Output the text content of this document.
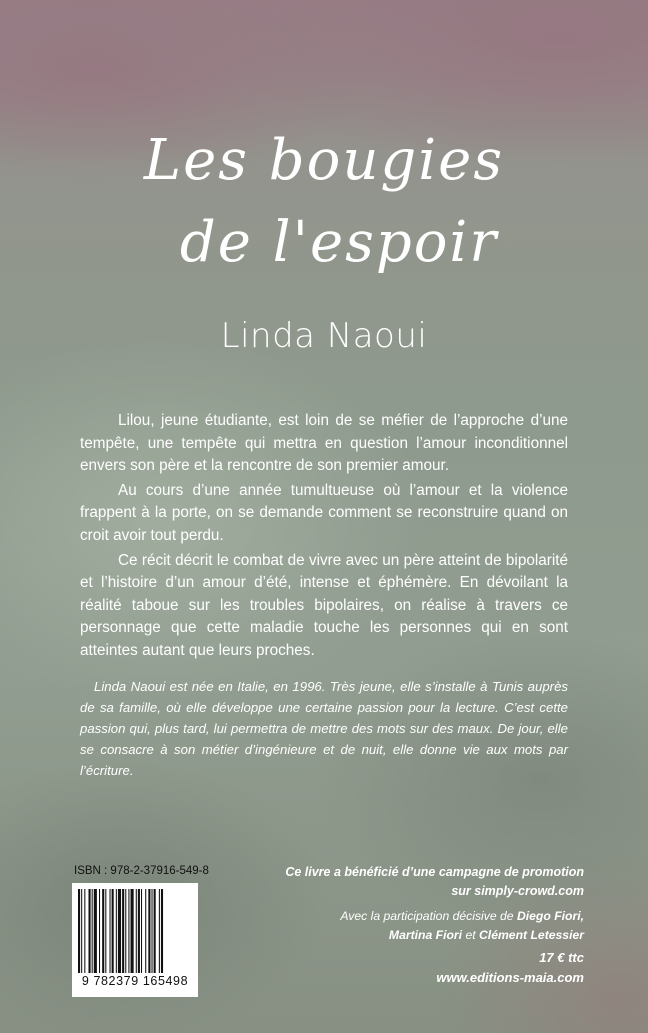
Les bougies
de l'espoir
Linda Naoui

Lilou, jeune étudiante, est loin de se méfier de l’approche d’une tempête, une tempête qui mettra en question l’amour inconditionnel envers son père et la rencontre de son premier amour.

Au cours d’une année tumultueuse où l’amour et la violence frappent à la porte, on se demande comment se reconstruire quand on croit avoir tout perdu.

Ce récit décrit le combat de vivre avec un père atteint de bipolarité et l’histoire d’un amour d’été, intense et éphémère. En dévoilant la réalité taboue sur les troubles bipolaires, on réalise à travers ce personnage que cette maladie touche les personnes qui en sont atteintes autant que leurs proches.

Linda Naoui est née en Italie, en 1996. Très jeune, elle s’installe à Tunis auprès de sa famille, où elle développe une certaine passion pour la lecture. C’est cette passion qui, plus tard, lui permettra de mettre des mots sur des maux. De jour, elle se consacre à son métier d’ingénieure et de nuit, elle donne vie aux mots par l’écriture.

ISBN : 978-2-37916-549-8
9 782379 165498
Ce livre a bénéficié d’une campagne de promotion
sur simply-crowd.com
Avec la participation décisive de Diego Fiori,
Martina Fiori et Clément Letessier
17 € ttc
www.editions-maia.com
